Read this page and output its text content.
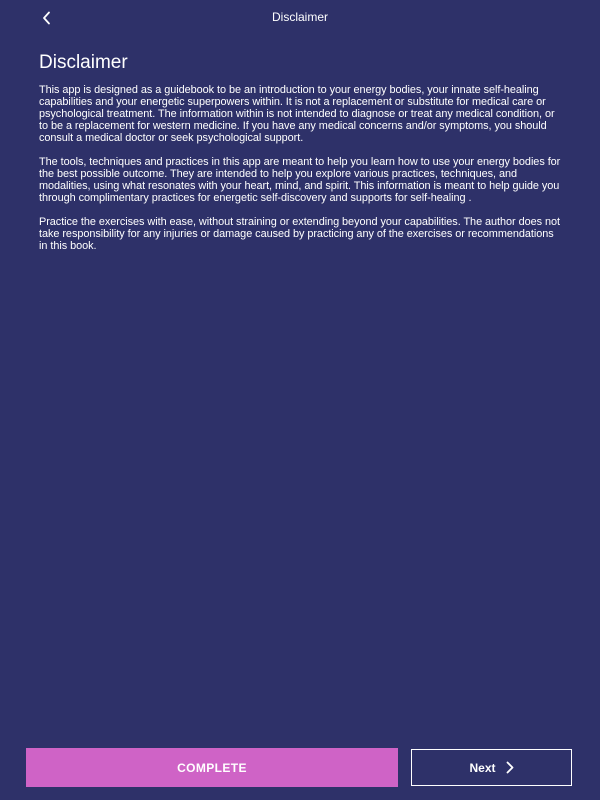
Disclaimer
Disclaimer

This app is designed as a guidebook to be an introduction to your energy bodies, your innate self-healing capabilities and your energetic superpowers within. It is not a replacement or substitute for medical care or psychological treatment. The information within is not intended to diagnose or treat any medical condition, or to be a replacement for western medicine. If you have any medical concerns and/or symptoms, you should consult a medical doctor or seek psychological support.

The tools, techniques and practices in this app are meant to help you learn how to use your energy bodies for the best possible outcome. They are intended to help you explore various practices, techniques, and modalities, using what resonates with your heart, mind, and spirit. This information is meant to help guide you through complimentary practices for energetic self-discovery and supports for self-healing .

Practice the exercises with ease, without straining or extending beyond your capabilities. The author does not take responsibility for any injuries or damage caused by practicing any of the exercises or recommendations in this book.

COMPLETE	Next
